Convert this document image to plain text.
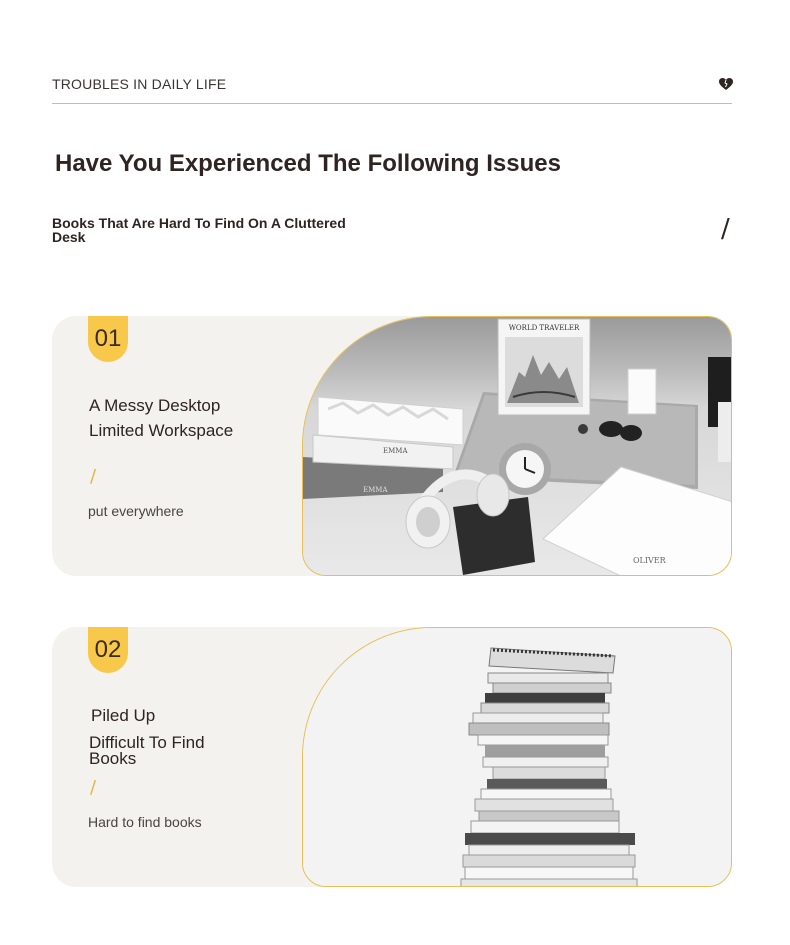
TROUBLES IN DAILY LIFE
Have You Experienced The Following Issues
Books That Are Hard To Find On A Cluttered Desk	/
01
A Messy Desktop
Limited Workspace
/
put everywhere
WORLD TRAVELER
EMMA
EMMA
OLIVER
02
Piled Up
Difficult To Find Books
/
Hard to find books
